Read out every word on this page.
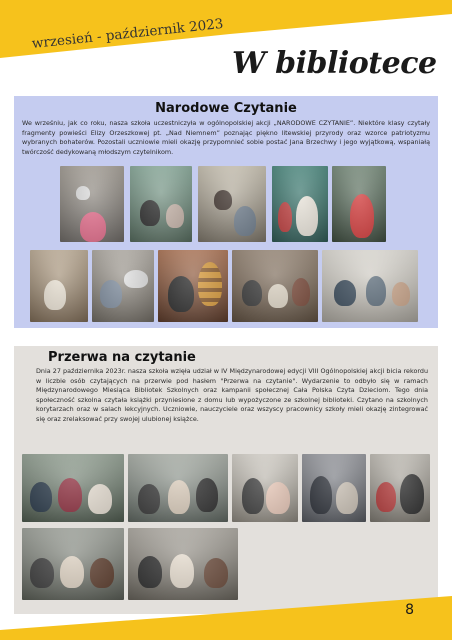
wrzesień - październik 2023
W bibliotece
Narodowe Czytanie
We wrześniu, jak co roku, nasza szkoła uczestniczyła w ogólnopolskiej akcji „NARODOWE CZYTANIE”. Niektóre klasy czytały fragmenty powieści Elizy Orzeszkowej pt. „Nad Niemnem” poznając piękno litewskiej przyrody oraz wzorce patriotyzmu wybranych bohaterów. Pozostali uczniowie mieli okazję przypomnieć sobie postać Jana Brzechwy i jego wyjątkową, wspaniałą twórczość dedykowaną młodszym czytelnikom.
Przerwa na czytanie
Dnia 27 października 2023r. nasza szkoła wzięła udział w IV Międzynarodowej edycji VIII Ogólnopolskiej akcji bicia rekordu w liczbie osób czytających na przerwie pod hasłem "Przerwa na czytanie". Wydarzenie to odbyło się w ramach Międzynarodowego Miesiąca Bibliotek Szkolnych oraz kampanii społecznej Cała Polska Czyta Dzieciom. Tego dnia społeczność szkolna czytała książki przyniesione z domu lub wypożyczone ze szkolnej biblioteki. Czytano na szkolnych korytarzach oraz w salach lekcyjnych. Uczniowie, nauczyciele oraz wszyscy pracownicy szkoły mieli okazję zintegrować się oraz zrelaksować przy swojej ulubionej książce.
8
